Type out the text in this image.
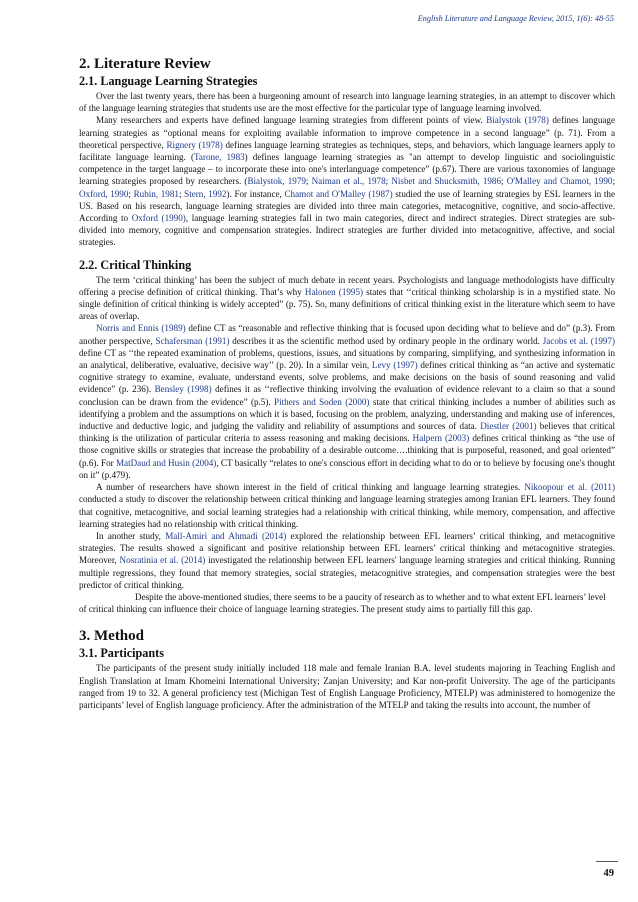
English Literature and Language Review, 2015, 1(6): 48-55
2. Literature Review
2.1. Language Learning Strategies

Over the last twenty years, there has been a burgeoning amount of research into language learning strategies, in an attempt to discover which of the language learning strategies that students use are the most effective for the particular type of language learning involved.

Many researchers and experts have defined language learning strategies from different points of view. Bialystok (1978) defines language learning strategies as “optional means for exploiting available information to improve competence in a second language” (p. 71). From a theoretical perspective, Rignery (1978) defines language learning strategies as techniques, steps, and behaviors, which language learners apply to facilitate language learning. (Tarone, 1983) defines language learning strategies as "an attempt to develop linguistic and sociolinguistic competence in the target language – to incorporate these into one's interlanguage competence” (p.67). There are various taxonomies of language learning strategies proposed by researchers. (Bialystok, 1979; Naiman et al., 1978; Nisbet and Shucksmith, 1986; O'Malley and Chamot, 1990; Oxford, 1990; Rubin, 1981; Stern, 1992). For instance, Chamot and O'Malley (1987) studied the use of learning strategies by ESL learners in the US. Based on his research, language learning strategies are divided into three main categories, metacognitive, cognitive, and socio-affective. According to Oxford (1990), language learning strategies fall in two main categories, direct and indirect strategies. Direct strategies are sub-divided into memory, cognitive and compensation strategies. Indirect strategies are further divided into metacognitive, affective, and social strategies.

2.2. Critical Thinking

The term ‘critical thinking’ has been the subject of much debate in recent years. Psychologists and language methodologists have difficulty offering a precise definition of critical thinking. That’s why Halonen (1995) states that ‘‘critical thinking scholarship is in a mystified state. No single definition of critical thinking is widely accepted” (p. 75). So, many definitions of critical thinking exist in the literature which seem to have areas of overlap.

Norris and Ennis (1989) define CT as “reasonable and reflective thinking that is focused upon deciding what to believe and do” (p.3). From another perspective, Schafersman (1991) describes it as the scientific method used by ordinary people in the ordinary world. Jacobs et al. (1997) define CT as ‘‘the repeated examination of problems, questions, issues, and situations by comparing, simplifying, and synthesizing information in an analytical, deliberative, evaluative, decisive way’’ (p. 20). In a similar vein, Levy (1997) defines critical thinking as “an active and systematic cognitive strategy to examine, evaluate, understand events, solve problems, and make decisions on the basis of sound reasoning and valid evidence” (p. 236). Bensley (1998) defines it as ‘‘reflective thinking involving the evaluation of evidence relevant to a claim so that a sound conclusion can be drawn from the evidence” (p.5). Pithers and Soden (2000) state that critical thinking includes a number of abilities such as identifying a problem and the assumptions on which it is based, focusing on the problem, analyzing, understanding and making use of inferences, inductive and deductive logic, and judging the validity and reliability of assumptions and sources of data. Diestler (2001) believes that critical thinking is the utilization of particular criteria to assess reasoning and making decisions. Halpern (2003) defines critical thinking as “the use of those cognitive skills or strategies that increase the probability of a desirable outcome….thinking that is purposeful, reasoned, and goal oriented” (p.6). For MatDaud and Husin (2004), CT basically “relates to one's conscious effort in deciding what to do or to believe by focusing one's thought on it” (p.479).

A number of researchers have shown interest in the field of critical thinking and language learning strategies. Nikoopour et al. (2011) conducted a study to discover the relationship between critical thinking and language learning strategies among Iranian EFL learners. They found that cognitive, metacognitive, and social learning strategies had a relationship with critical thinking, while memory, compensation, and affective learning strategies had no relationship with critical thinking.

In another study, Mall-Amiri and Ahmadi (2014) explored the relationship between EFL learners’ critical thinking, and metacognitive strategies. The results showed a significant and positive relationship between EFL learners’ critical thinking and metacognitive strategies. Moreover, Nosratinia et al. (2014) investigated the relationship between EFL learners' language learning strategies and critical thinking. Running multiple regressions, they found that memory strategies, social strategies, metacognitive strategies, and compensation strategies were the best predictor of critical thinking.

Despite the above-mentioned studies, there seems to be a paucity of research as to whether and to what extent EFL learners’ level of critical thinking can influence their choice of language learning strategies. The present study aims to partially fill this gap.

3. Method
3.1. Participants

The participants of the present study initially included 118 male and female Iranian B.A. level students majoring in Teaching English and English Translation at Imam Khomeini International University; Zanjan University; and Kar non-profit University. The age of the participants ranged from 19 to 32. A general proficiency test (Michigan Test of English Language Proficiency, MTELP) was administered to homogenize the participants’ level of English language proficiency. After the administration of the MTELP and taking the results into account, the number of

49
